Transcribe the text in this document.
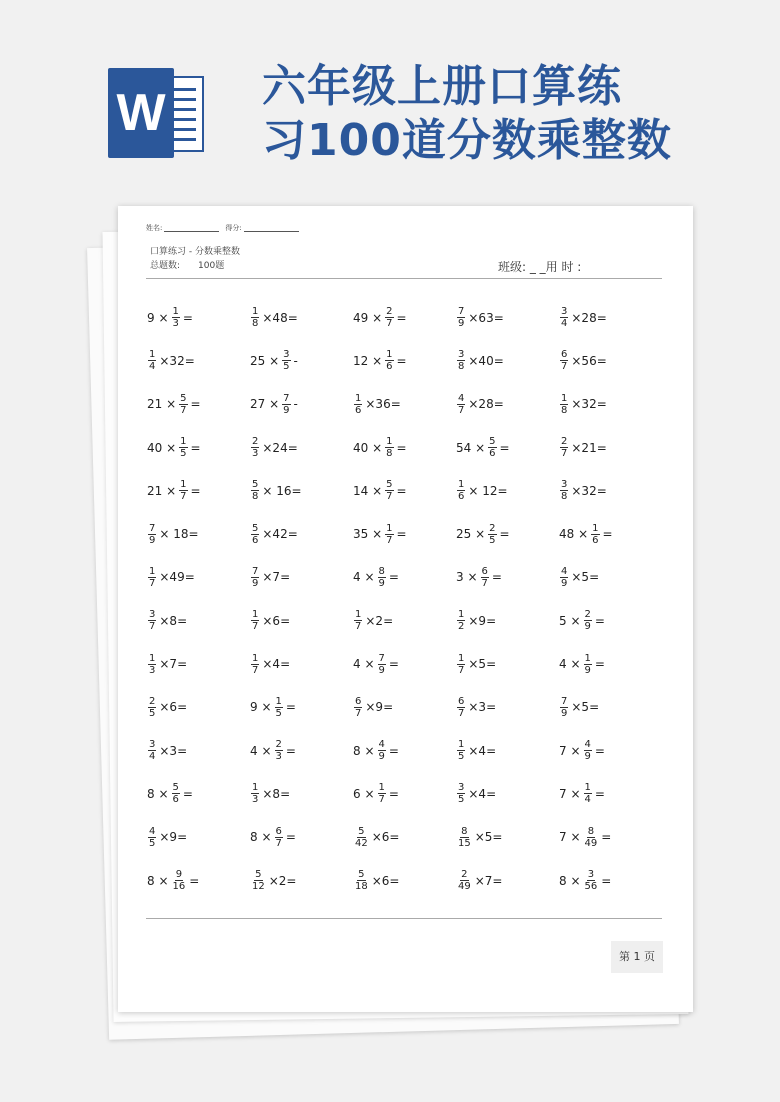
W 六年级上册口算练
习100道分数乘整数
姓名:	得分:
口算练习 - 分数乘整数
总题数: 100题	班级: _ _用 时 :
$9 \times \frac{1}{3}$ =	$\frac{1}{8} \times 48=$	$49 \times \frac{2}{7}$ =	$\frac{7}{9} \times 63=$	$\frac{3}{4} \times 28=$
$\frac{1}{4} \times 32=$	$25 \times \frac{3}{5}$ -	$12 \times \frac{1}{6}$ =	$\frac{3}{8} \times 40=$	$\frac{6}{7} \times 56=$
$21 \times \frac{5}{7}$ =	$27 \times \frac{7}{9}$ -	$\frac{1}{6} \times 36=$	$\frac{4}{7} \times 28=$	$\frac{1}{8} \times 32=$
$40 \times \frac{1}{5}$ =	$\frac{2}{3} \times 24=$	$40 \times \frac{1}{8}$ =	$54 \times \frac{5}{6}$ =	$\frac{2}{7} \times 21=$
$21 \times \frac{1}{7}$ =	$\frac{5}{8} \times 16=$	$14 \times \frac{5}{7}$ =	$\frac{1}{6} \times 12=$	$\frac{3}{8} \times 32=$
$\frac{7}{9} \times 18=$	$\frac{5}{6} \times 42=$	$35 \times \frac{1}{7}$ =	$25 \times \frac{2}{5}$ =	$48 \times \frac{1}{6}$ =
$\frac{1}{7} \times 49=$	$\frac{7}{9} \times 7=$	$4 \times \frac{8}{9}$ =	$3 \times \frac{6}{7}$ =	$\frac{4}{9} \times 5=$
$\frac{3}{7} \times 8=$	$\frac{1}{7} \times 6=$	$\frac{1}{7} \times 2=$	$\frac{1}{2} \times 9=$	$5 \times \frac{2}{9}$ =
$\frac{1}{3} \times 7=$	$\frac{1}{7} \times 4=$	$4 \times \frac{7}{9}$ =	$\frac{1}{7} \times 5=$	$4 \times \frac{1}{9}$ =
$\frac{2}{5} \times 6=$	$9 \times \frac{1}{5}$ =	$\frac{6}{7} \times 9=$	$\frac{6}{7} \times 3=$	$\frac{7}{9} \times 5=$
$\frac{3}{4} \times 3=$	$4 \times \frac{2}{3}$ =	$8 \times \frac{4}{9}$ =	$\frac{1}{5} \times 4=$	$7 \times \frac{4}{9}$ =
$8 \times \frac{5}{6}$ =	$\frac{1}{3} \times 8=$	$6 \times \frac{1}{7}$ =	$\frac{3}{5} \times 4=$	$7 \times \frac{1}{4}$ =
$\frac{4}{5} \times 9=$	$8 \times \frac{6}{7}$ =	$\frac{5}{42} \times 6=$	$\frac{8}{15} \times 5=$	$7 \times \frac{8}{49}$ =
$8 \times \frac{9}{16}$ =	$\frac{5}{12} \times 2=$	$\frac{5}{18} \times 6=$	$\frac{2}{49} \times 7=$	$8 \times \frac{3}{56}$ =
第 1 页
